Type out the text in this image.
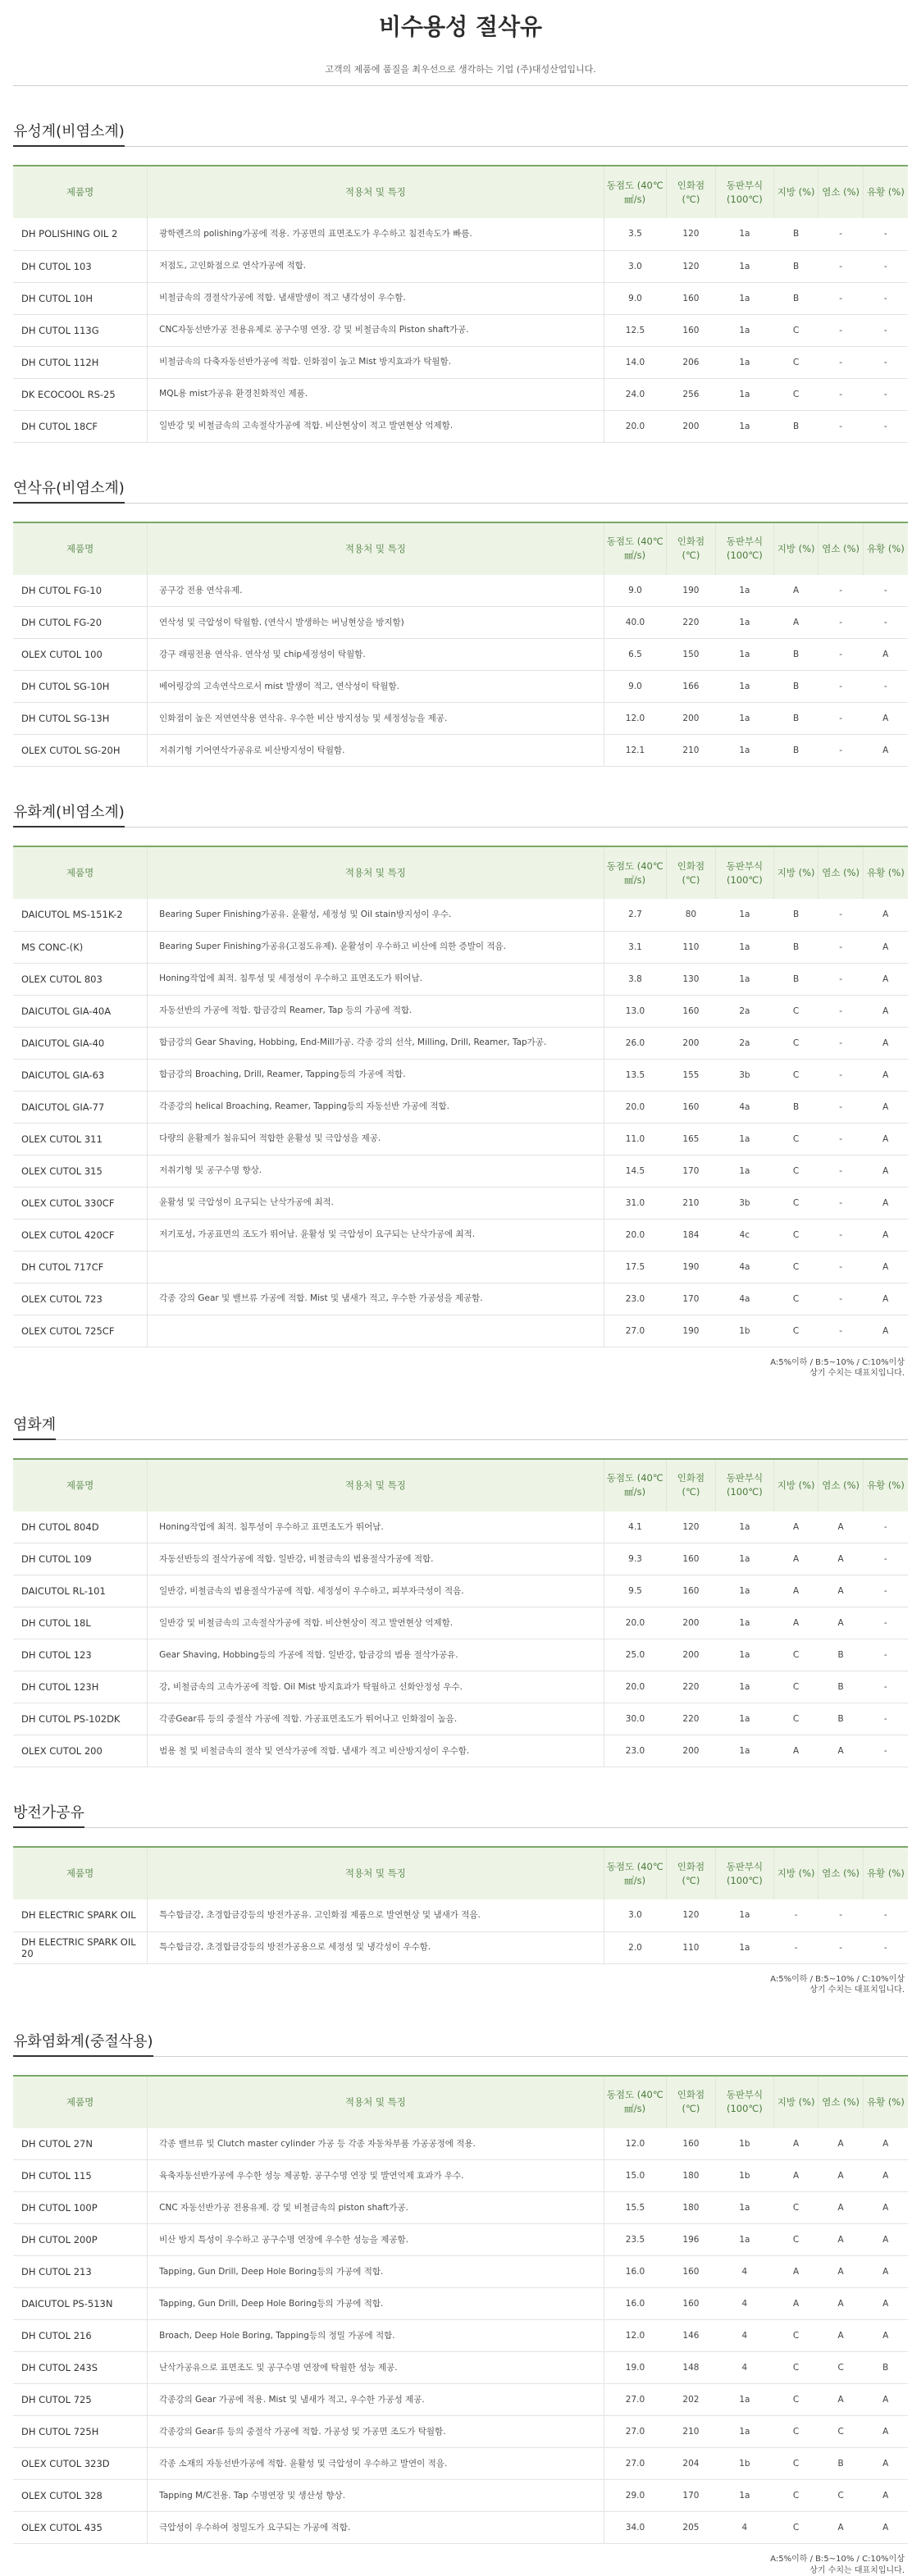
비수용성 절삭유
고객의 제품에 품질을 최우선으로 생각하는 기업 (주)대성산업입니다.
유성계(비염소계)
제품명	적용처 및 특징	동점도 (40℃㎟/s)	인화점 (℃)	동판부식 (100℃)	지방 (%)	염소 (%)	유황 (%)
DH POLISHING OIL 2	광학렌즈의 polishing가공에 적용. 가공면의 표면조도가 우수하고 침전속도가 빠름.	3.5	120	1a	B	-	-
DH CUTOL 103	저점도, 고인화점으로 연삭가공에 적합.	3.0	120	1a	B	-	-
DH CUTOL 10H	비철금속의 경절삭가공에 적합. 냄새발생이 적고 냉각성이 우수함.	9.0	160	1a	B	-	-
DH CUTOL 113G	CNC자동선반가공 전용유제로 공구수명 연장. 강 및 비철금속의 Piston shaft가공.	12.5	160	1a	C	-	-
DH CUTOL 112H	비철금속의 다축자동선반가공에 적합. 인화점이 높고 Mist 방지효과가 탁월함.	14.0	206	1a	C	-	-
DK ECOCOOL RS-25	MQL용 mist가공유 환경친화적인 제품.	24.0	256	1a	C	-	-
DH CUTOL 18CF	일반강 및 비철금속의 고속절삭가공에 적합. 비산현상이 적고 발연현상 억제함.	20.0	200	1a	B	-	-
연삭유(비염소계)
제품명	적용처 및 특징	동점도 (40℃㎟/s)	인화점 (℃)	동판부식 (100℃)	지방 (%)	염소 (%)	유황 (%)
DH CUTOL FG-10	공구강 전용 연삭유제.	9.0	190	1a	A	-	-
DH CUTOL FG-20	연삭성 및 극압성이 탁월함. (연삭시 발생하는 버닝현상을 방지함)	40.0	220	1a	A	-	-
OLEX CUTOL 100	강구 래핑전용 연삭유. 연삭성 및 chip세정성이 탁월함.	6.5	150	1a	B	-	A
DH CUTOL SG-10H	베어링강의 고속연삭으로서 mist 발생이 적고, 연삭성이 탁월함.	9.0	166	1a	B	-	-
DH CUTOL SG-13H	인화점이 높은 저연연삭용 연삭유. 우수한 비산 방지성능 및 세정성능을 제공.	12.0	200	1a	B	-	A
OLEX CUTOL SG-20H	저취기형 기어연삭가공유로 비산방지성이 탁월함.	12.1	210	1a	B	-	A
유화계(비염소계)
제품명	적용처 및 특징	동점도 (40℃㎟/s)	인화점 (℃)	동판부식 (100℃)	지방 (%)	염소 (%)	유황 (%)
DAICUTOL MS-151K-2	Bearing Super Finishing가공유. 윤활성, 세정성 및 Oil stain방지성이 우수.	2.7	80	1a	B	-	A
MS CONC-(K)	Bearing Super Finishing가공유(고점도유제). 윤활성이 우수하고 비산에 의한 증발이 적음.	3.1	110	1a	B	-	A
OLEX CUTOL 803	Honing작업에 최적. 침투성 및 세정성이 우수하고 표면조도가 뛰어남.	3.8	130	1a	B	-	A
DAICUTOL GIA-40A	자동선반의 가공에 적합. 합금강의 Reamer, Tap 등의 가공에 적합.	13.0	160	2a	C	-	A
DAICUTOL GIA-40	합금강의 Gear Shaving, Hobbing, End-Mill가공. 각종 강의 선삭, Milling, Drill, Reamer, Tap가공.	26.0	200	2a	C	-	A
DAICUTOL GIA-63	합금강의 Broaching, Drill, Reamer, Tapping등의 가공에 적합.	13.5	155	3b	C	-	A
DAICUTOL GIA-77	각종강의 helical Broaching, Reamer, Tapping등의 자동선반 가공에 적합.	20.0	160	4a	B	-	A
OLEX CUTOL 311	다량의 윤활제가 첨유되어 적합한 윤활성 및 극압성을 제공.	11.0	165	1a	C	-	A
OLEX CUTOL 315	저취기형 및 공구수명 향상.	14.5	170	1a	C	-	A
OLEX CUTOL 330CF	윤활성 및 극압성이 요구되는 난삭가공에 최적.	31.0	210	3b	C	-	A
OLEX CUTOL 420CF	저기포성, 가공표면의 조도가 뛰어남. 윤활성 및 극압성이 요구되는 난삭가공에 최적.	20.0	184	4c	C	-	A
DH CUTOL 717CF		17.5	190	4a	C	-	A
OLEX CUTOL 723	각종 강의 Gear 및 밸브류 가공에 적합. Mist 및 냄새가 적고, 우수한 가공성을 제공함.	23.0	170	4a	C	-	A
OLEX CUTOL 725CF		27.0	190	1b	C	-	A
A:5%이하 / B:5~10% / C:10%이상
상기 수치는 대표치입니다.
염화계
제품명	적용처 및 특징	동점도 (40℃㎟/s)	인화점 (℃)	동판부식 (100℃)	지방 (%)	염소 (%)	유황 (%)
DH CUTOL 804D	Honing작업에 최적. 침투성이 우수하고 표면조도가 뛰어남.	4.1	120	1a	A	A	-
DH CUTOL 109	자동선반등의 절삭가공에 적합. 일반강, 비철금속의 범용절삭가공에 적합.	9.3	160	1a	A	A	-
DAICUTOL RL-101	일반강, 비철금속의 범용절삭가공에 적합. 세정성이 우수하고, 피부자극성이 적음.	9.5	160	1a	A	A	-
DH CUTOL 18L	일반강 및 비철금속의 고속절삭가공에 적합. 비산현상이 적고 발연현상 억제함.	20.0	200	1a	A	A	-
DH CUTOL 123	Gear Shaving, Hobbing등의 가공에 적합. 일반강, 합금강의 범용 절삭가공유.	25.0	200	1a	C	B	-
DH CUTOL 123H	강, 비철금속의 고속가공에 적합. Oil Mist 방지효과가 탁월하고 선화안정성 우수.	20.0	220	1a	C	B	-
DH CUTOL PS-102DK	각종Gear류 등의 중절삭 가공에 적합. 가공표면조도가 뛰어나고 인화점이 높음.	30.0	220	1a	C	B	-
OLEX CUTOL 200	범용 철 및 비철금속의 절삭 및 연삭가공에 적합. 냄새가 적고 비산방지성이 우수함.	23.0	200	1a	A	A	-
방전가공유
제품명	적용처 및 특징	동점도 (40℃㎟/s)	인화점 (℃)	동판부식 (100℃)	지방 (%)	염소 (%)	유황 (%)
DH ELECTRIC SPARK OIL	특수합금강, 초경합금강등의 방전가공유. 고인화점 제품으로 발연현상 및 냄새가 적음.	3.0	120	1a	-	-	-
DH ELECTRIC SPARK OIL 20	특수합금강, 초경합금강등의 방전가공용으로 세정성 및 냉각성이 우수함.	2.0	110	1a	-	-	-
A:5%이하 / B:5~10% / C:10%이상
상기 수치는 대표치입니다.
유화염화계(중절삭용)
제품명	적용처 및 특징	동점도 (40℃㎟/s)	인화점 (℃)	동판부식 (100℃)	지방 (%)	염소 (%)	유황 (%)
DH CUTOL 27N	각종 밸브류 및 Clutch master cylinder 가공 등 각종 자동차부품 가공공정에 적용.	12.0	160	1b	A	A	A
DH CUTOL 115	육축자동선반가공에 우수한 성능 제공함. 공구수명 연장 및 발연억제 효과가 우수.	15.0	180	1b	A	A	A
DH CUTOL 100P	CNC 자동선반가공 전용유제. 강 및 비철금속의 piston shaft가공.	15.5	180	1a	C	A	A
DH CUTOL 200P	비산 방지 특성이 우수하고 공구수명 연장에 우수한 성능을 제공함.	23.5	196	1a	C	A	A
DH CUTOL 213	Tapping, Gun Drill, Deep Hole Boring등의 가공에 적합.	16.0	160	4	A	A	A
DAICUTOL PS-513N	Tapping, Gun Drill, Deep Hole Boring등의 가공에 적합.	16.0	160	4	A	A	A
DH CUTOL 216	Broach, Deep Hole Boring, Tapping등의 정밀 가공에 적합.	12.0	146	4	C	A	A
DH CUTOL 243S	난삭가공유으로 표면조도 및 공구수명 연장에 탁월한 성능 제공.	19.0	148	4	C	C	B
DH CUTOL 725	각종강의 Gear 가공에 적용. Mist 및 냄새가 적고, 우수한 가공성 제공.	27.0	202	1a	C	A	A
DH CUTOL 725H	각종강의 Gear류 등의 중절삭 가공에 적합. 가공성 및 가공면 조도가 탁월함.	27.0	210	1a	C	C	A
OLEX CUTOL 323D	각종 소재의 자동선반가공에 적합. 윤활성 및 극압성이 우수하고 발연이 적음.	27.0	204	1b	C	B	A
OLEX CUTOL 328	Tapping M/C전용. Tap 수명연장 및 생산성 향상.	29.0	170	1a	C	C	A
OLEX CUTOL 435	극압성이 우수하여 정밀도가 요구되는 가공에 적합.	34.0	205	4	C	A	A
A:5%이하 / B:5~10% / C:10%이상
상기 수치는 대표치입니다.
